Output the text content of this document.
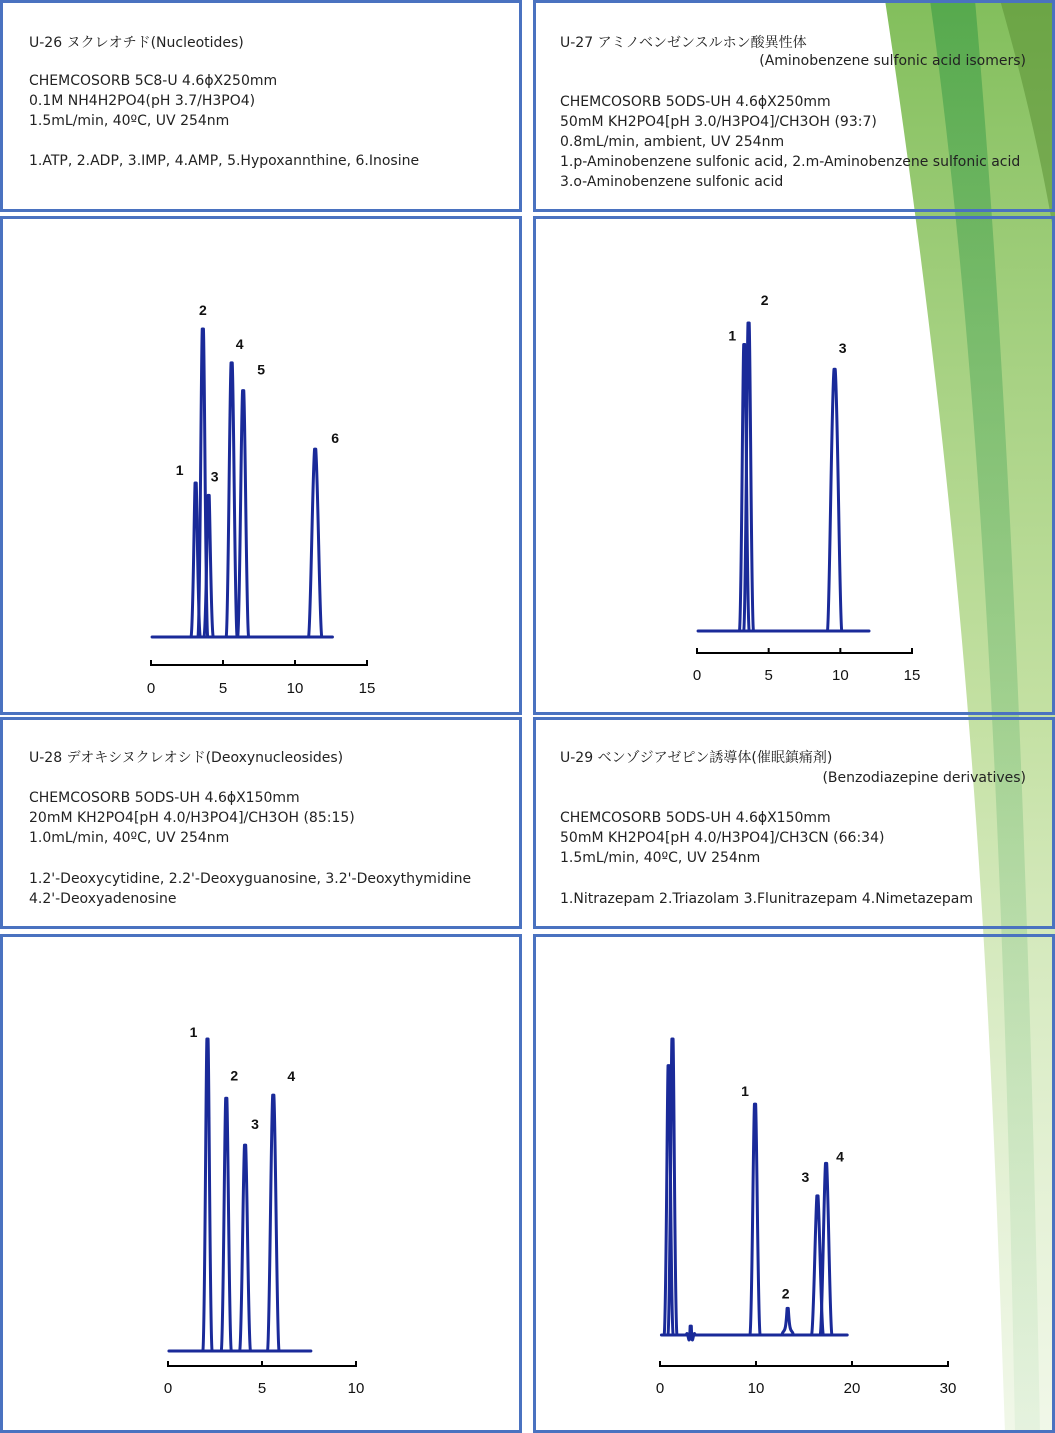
U-26 ヌクレオチド(Nucleotides)
CHEMCOSORB 5C8-U 4.6ϕX250mm
0.1M NH4H2PO4(pH 3.7/H3PO4)
1.5mL/min, 40ºC, UV 254nm
1.ATP, 2.ADP, 3.IMP, 4.AMP, 5.Hypoxannthine, 6.Inosine
U-27 アミノベンゼンスルホン酸異性体
(Aminobenzene sulfonic acid isomers)
CHEMCOSORB 5ODS-UH 4.6ϕX250mm
50mM KH2PO4[pH 3.0/H3PO4]/CH3OH (93:7)
0.8mL/min, ambient, UV 254nm
1.p-Aminobenzene sulfonic acid, 2.m-Aminobenzene sulfonic acid
3.o-Aminobenzene sulfonic acid
U-28 デオキシヌクレオシド(Deoxynucleosides)
CHEMCOSORB 5ODS-UH 4.6ϕX150mm
20mM KH2PO4[pH 4.0/H3PO4]/CH3OH (85:15)
1.0mL/min, 40ºC, UV 254nm
1.2'-Deoxycytidine, 2.2'-Deoxyguanosine, 3.2'-Deoxythymidine
4.2'-Deoxyadenosine
U-29 ベンゾジアゼピン誘導体(催眠鎮痛剤)
(Benzodiazepine derivatives)
CHEMCOSORB 5ODS-UH 4.6ϕX150mm
50mM KH2PO4[pH 4.0/H3PO4]/CH3CN (66:34)
1.5mL/min, 40ºC, UV 254nm
1.Nitrazepam 2.Triazolam 3.Flunitrazepam 4.Nimetazepam
1
2
3
4
5
6
0	5	10	15
1
2
3
0	5	10	15
1
2
3
4
0	5	10
1
2
3
4
0	10	20	30
